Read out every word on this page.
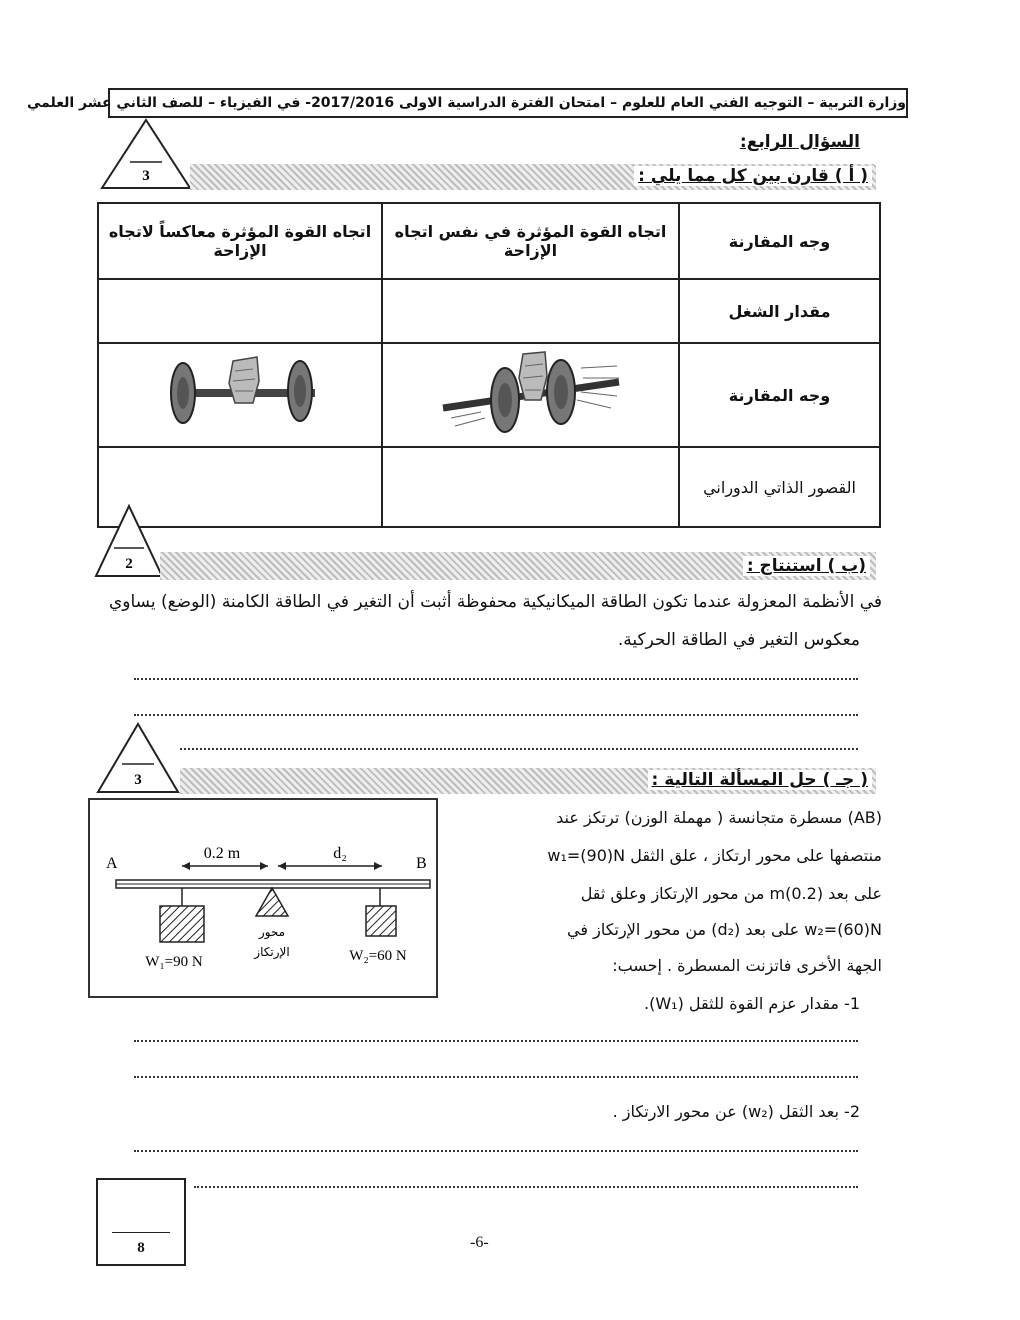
وزارة التربية – التوجيه الفني العام للعلوم – امتحان الفترة الدراسية الاولى 2017/2016- في الفيزياء – للصف الثاني عشر العلمي
3
السؤال الرابع:
( أ ) قارن بين كل مما يلي :
اتجاه القوة المؤثرة معاكساً لاتجاه الإزاحة	اتجاه القوة المؤثرة في نفس اتجاه الإزاحة	وجه المقارنة
		مقدار الشغل
		وجه المقارنة
		القصور الذاتي الدوراني
2	(ب ) استنتاج :
في الأنظمة المعزولة عندما تكون الطاقة الميكانيكية محفوظة أثبت أن التغير في الطاقة الكامنة (الوضع) يساوي
معكوس التغير في الطاقة الحركية.
3	( جـ ) حل المسألة التالية :
A	B
0.2 m	d₂
محور
الإرتكاز
W₁=90 N	W₂=60 N
(AB) مسطرة متجانسة ( مهملة الوزن) ترتكز عند
منتصفها على محور ارتكاز ، علق الثقل w₁=(90)N
على بعد (0.2)m من محور الإرتكاز وعلق ثقل
w₂=(60)N على بعد (d₂) من محور الإرتكاز في
الجهة الأخرى فاتزنت المسطرة . إحسب:
1- مقدار عزم القوة للثقل (W₁).
2- بعد الثقل (w₂) عن محور الارتكاز .
8	-6-
